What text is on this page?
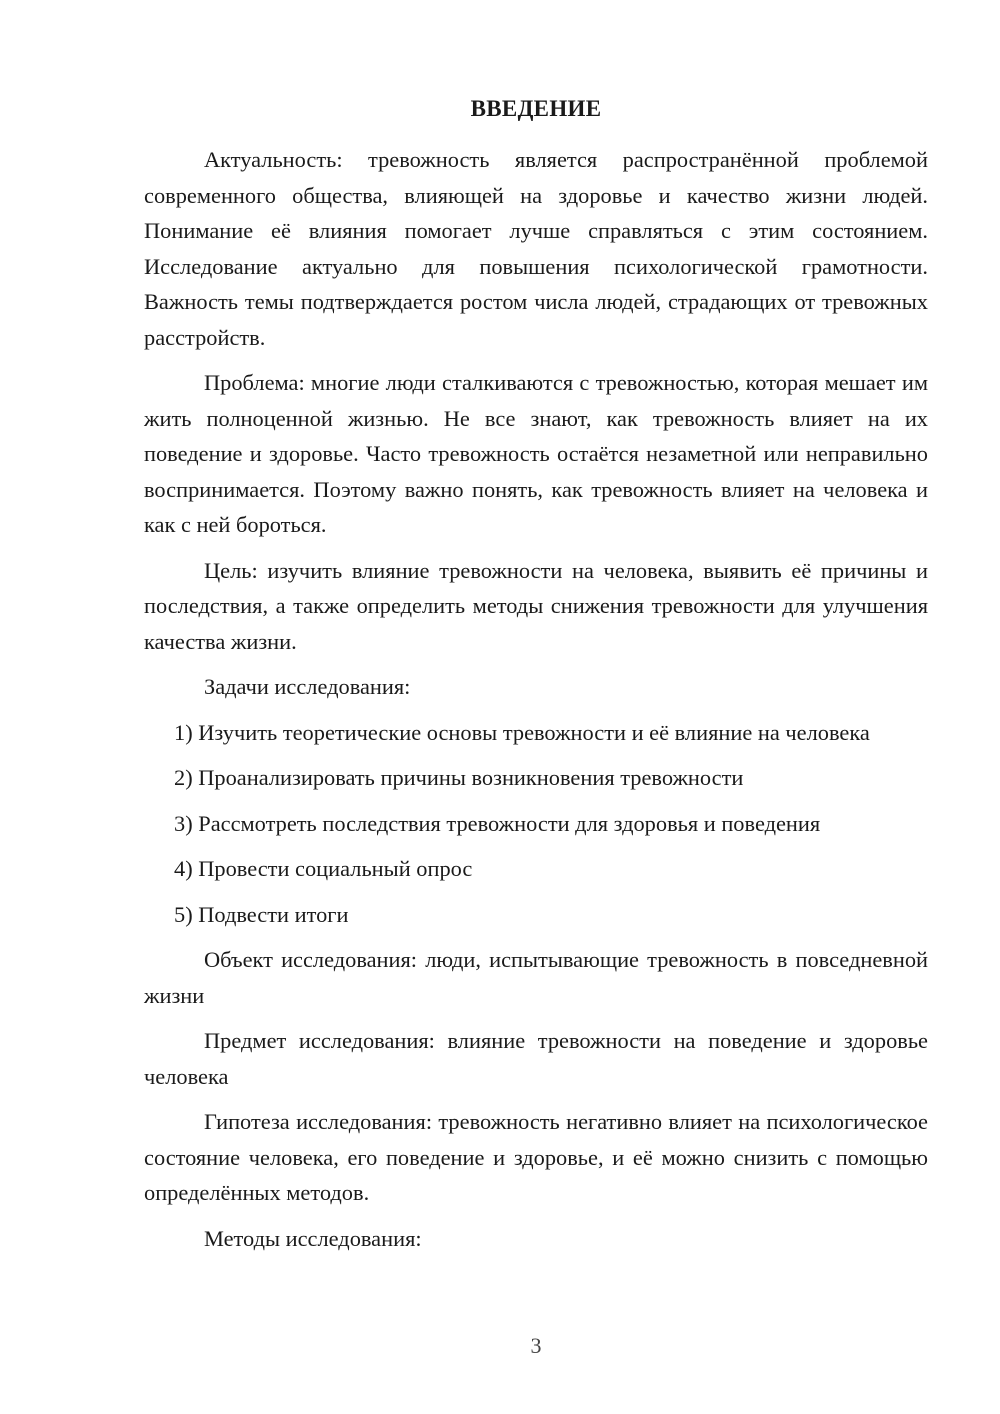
ВВЕДЕНИЕ

Актуальность: тревожность является распространённой проблемой современного общества, влияющей на здоровье и качество жизни людей. Понимание её влияния помогает лучше справляться с этим состоянием. Исследование актуально для повышения психологической грамотности. Важность темы подтверждается ростом числа людей, страдающих от тревожных расстройств.

Проблема: многие люди сталкиваются с тревожностью, которая мешает им жить полноценной жизнью. Не все знают, как тревожность влияет на их поведение и здоровье. Часто тревожность остаётся незаметной или неправильно воспринимается. Поэтому важно понять, как тревожность влияет на человека и как с ней бороться.

Цель: изучить влияние тревожности на человека, выявить её причины и последствия, а также определить методы снижения тревожности для улучшения качества жизни.

Задачи исследования:

1) Изучить теоретические основы тревожности и её влияние на человека

2) Проанализировать причины возникновения тревожности

3) Рассмотреть последствия тревожности для здоровья и поведения

4) Провести социальный опрос

5) Подвести итоги

Объект исследования: люди, испытывающие тревожность в повседневной жизни

Предмет исследования: влияние тревожности на поведение и здоровье человека

Гипотеза исследования: тревожность негативно влияет на психологическое состояние человека, его поведение и здоровье, и её можно снизить с помощью определённых методов.

Методы исследования:

3
